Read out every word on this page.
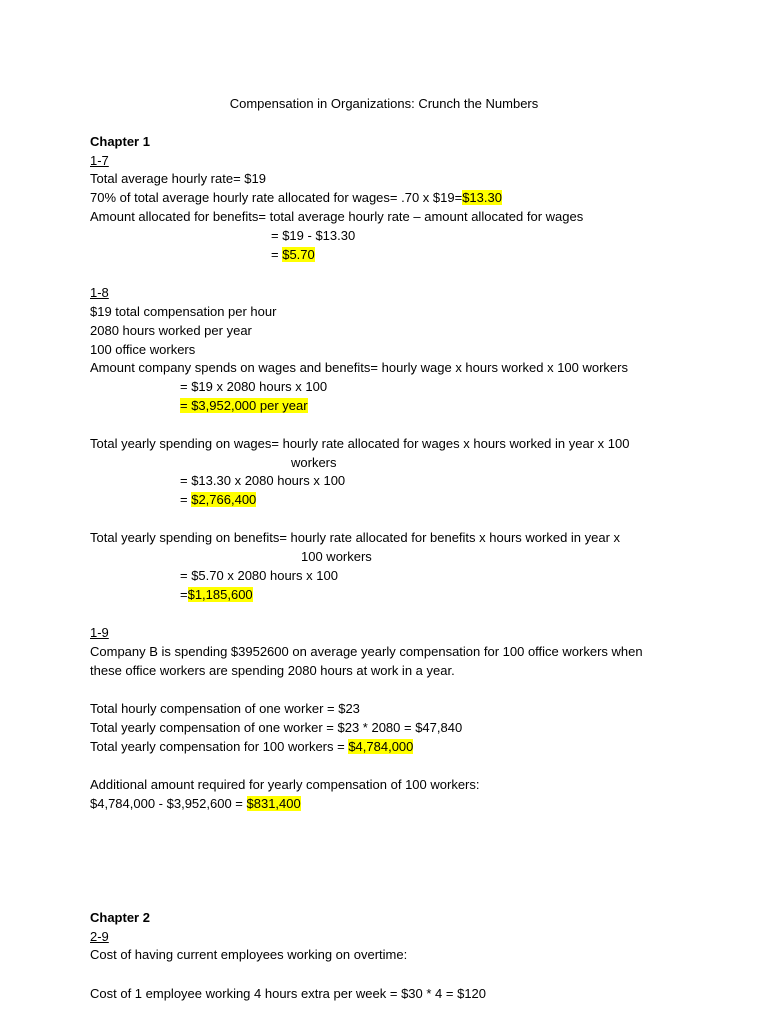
Compensation in Organizations: Crunch the Numbers
Chapter 1
1-7
Total average hourly rate= $19
70% of total average hourly rate allocated for wages= .70 x $19=$13.30
Amount allocated for benefits= total average hourly rate – amount allocated for wages
= $19 - $13.30
= $5.70
1-8
$19 total compensation per hour
2080 hours worked per year
100 office workers
Amount company spends on wages and benefits= hourly wage x hours worked x 100 workers
= $19 x 2080 hours x 100
= $3,952,000 per year
Total yearly spending on wages= hourly rate allocated for wages x hours worked in year x 100
workers
= $13.30 x 2080 hours x 100
= $2,766,400
Total yearly spending on benefits= hourly rate allocated for benefits x hours worked in year x
100 workers
= $5.70 x 2080 hours x 100
=$1,185,600
1-9
Company B is spending $3952600 on average yearly compensation for 100 office workers when
these office workers are spending 2080 hours at work in a year.
Total hourly compensation of one worker = $23
Total yearly compensation of one worker = $23 * 2080 = $47,840
Total yearly compensation for 100 workers = $4,784,000
Additional amount required for yearly compensation of 100 workers:
$4,784,000 - $3,952,600 = $831,400
Chapter 2
2-9
Cost of having current employees working on overtime:
Cost of 1 employee working 4 hours extra per week = $30 * 4 = $120
